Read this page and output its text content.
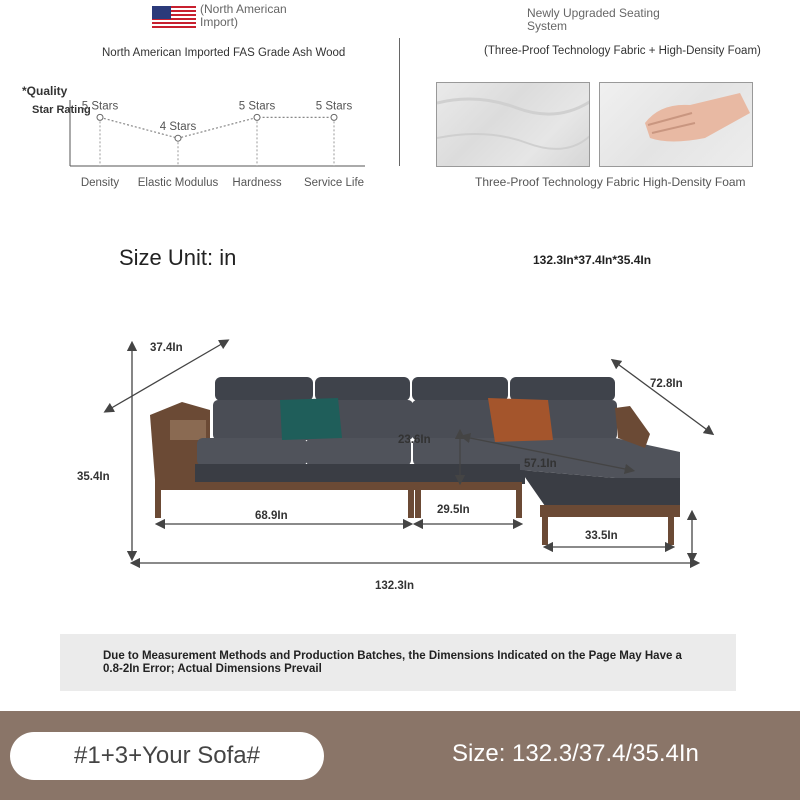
(North American Import)
North American Imported FAS Grade Ash Wood
*Quality
Star Rating
5 Stars
Density
4 Stars
Elastic Modulus
5 Stars
Hardness
5 Stars
Service Life
Newly Upgraded Seating System
(Three-Proof Technology Fabric + High-Density Foam)
Three-Proof Technology Fabric High-Density Foam
Size Unit: in	132.3In*37.4In*35.4In
37.4In
72.8In
35.4In
23.6In
57.1In
68.9In	29.5In
33.5In
132.3In
Due to Measurement Methods and Production Batches, the Dimensions Indicated on the Page May Have a 0.8-2In Error; Actual Dimensions Prevail
#1+3+Your Sofa#	Size: 132.3/37.4/35.4In
